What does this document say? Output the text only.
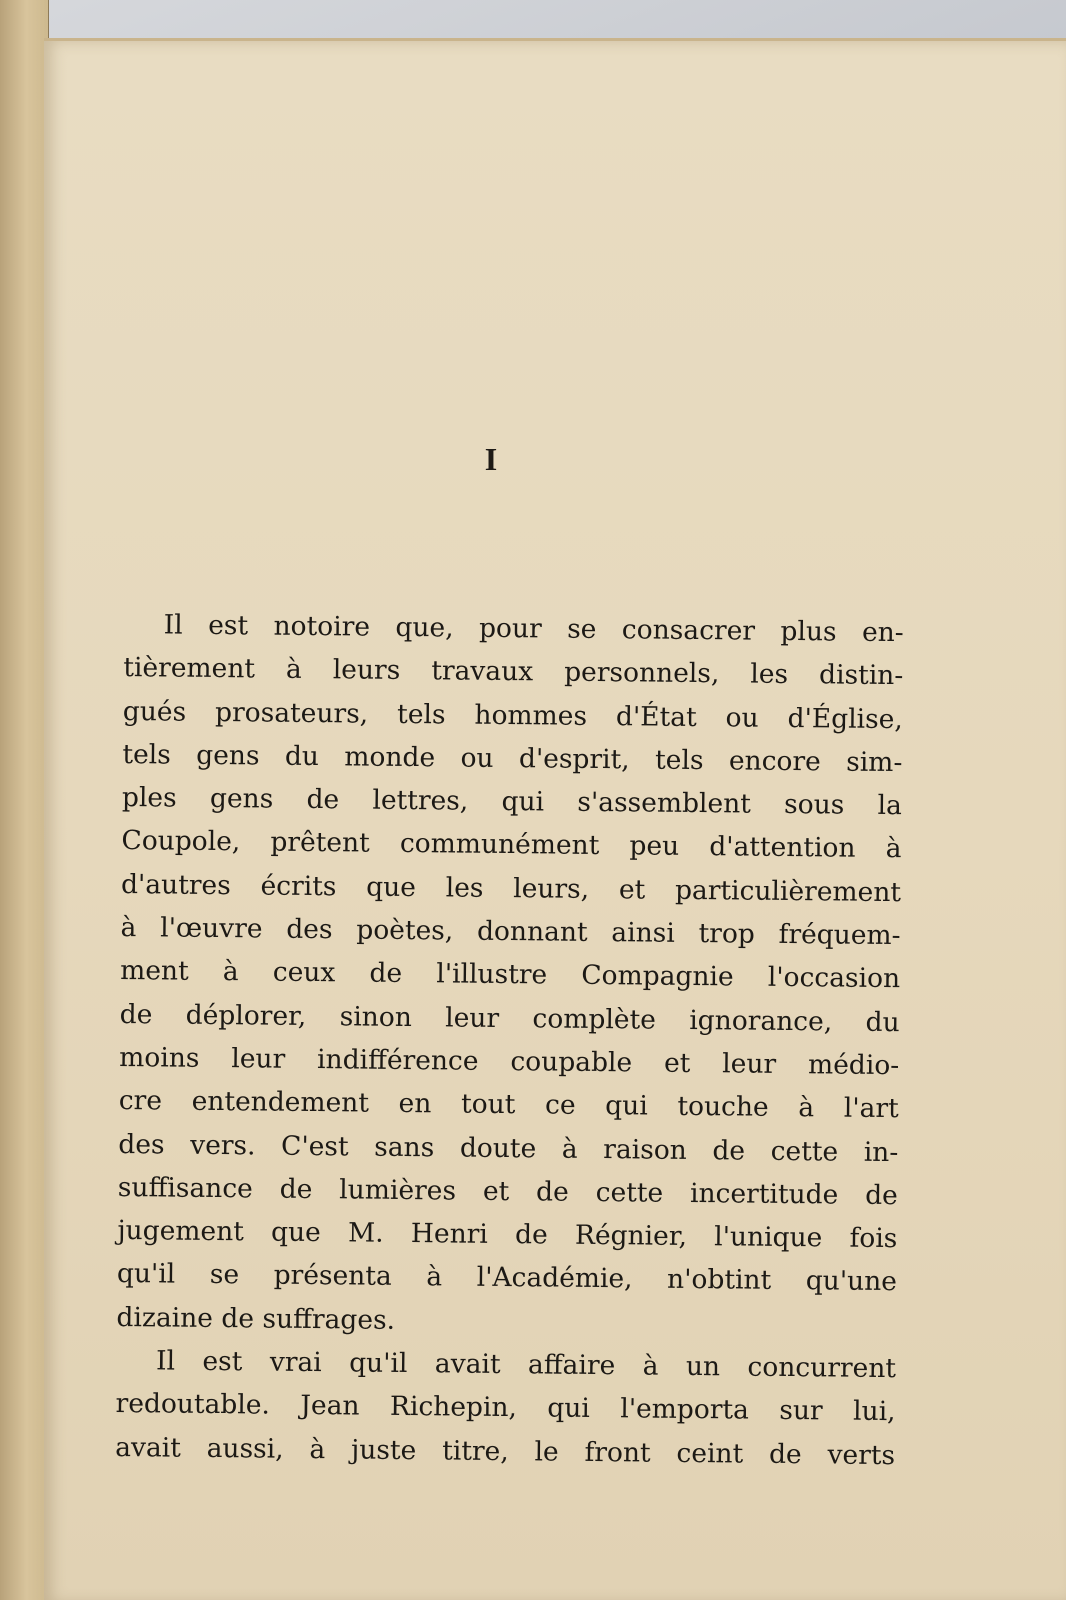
I
Il est notoire que, pour se consacrer plus en-
tièrement à leurs travaux personnels, les distin-
gués prosateurs, tels hommes d'État ou d'Église,
tels gens du monde ou d'esprit, tels encore sim-
ples gens de lettres, qui s'assemblent sous la
Coupole, prêtent communément peu d'attention à
d'autres écrits que les leurs, et particulièrement
à l'œuvre des poètes, donnant ainsi trop fréquem-
ment à ceux de l'illustre Compagnie l'occasion
de déplorer, sinon leur complète ignorance, du
moins leur indifférence coupable et leur médio-
cre entendement en tout ce qui touche à l'art
des vers. C'est sans doute à raison de cette in-
suffisance de lumières et de cette incertitude de
jugement que M. Henri de Régnier, l'unique fois
qu'il se présenta à l'Académie, n'obtint qu'une
dizaine de suffrages.
Il est vrai qu'il avait affaire à un concurrent
redoutable. Jean Richepin, qui l'emporta sur lui,
avait aussi, à juste titre, le front ceint de verts
